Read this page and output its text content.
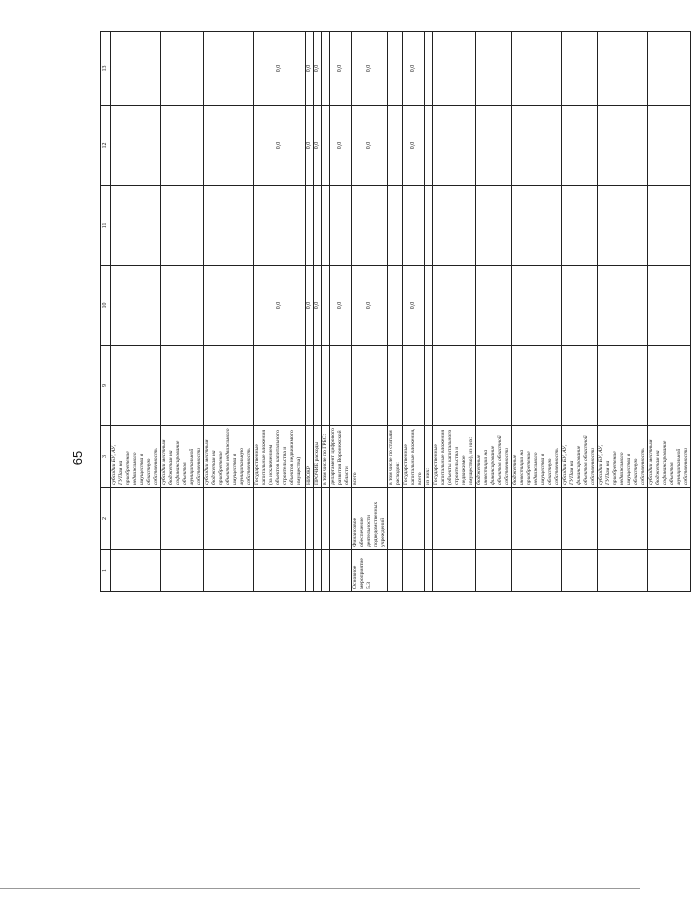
65
1	2	3	9	10	11	12	13
		субсидии БУ, АУ, ГУПам на приобретение недвижимого имущества в областную собственность					
		субсидии местным бюджетам на софинансирование объектов муниципальной собственности					
		субсидии местным бюджетам на приобретение объектов недвижимого имущества в муниципальную собственность					
		Государственные капитальные вложения (за исключением объектов капитального строительства и объектов недвижимого имущества)		0,0		0,0	0,0
		НИОКР		0,0		0,0	0,0
		ПРОЧИЕ расходы		0,0		0,0	0,0
		в том числе по ГРБС:					
		департамент цифрового развития Воронежской области		0,0		0,0	0,0
Основное мероприятие 5.3	Финансовое обеспечение деятельности подведомственных учреждений	всего		0,0		0,0	0,0
		в том числе по статьям расходов:					
		Государственные капитальные вложения, всего		0,0		0,0	0,0
		из них:					
		Государственные капитальные вложения (объекты капитального строительства и недвижимое имущество), из них:					
		бюджетные инвестиции на финансирование объектов областной собственности					
		бюджетные инвестиции на приобретение недвижимого имущества в областную собственность					
		субсидии БУ, АУ, ГУПам на финансирование объектов областной собственности					
		субсидии БУ, АУ, ГУПам на приобретение недвижимого имущества в областную собственность					
		субсидии местным бюджетам на софинансирование объектов муниципальной собственности					
